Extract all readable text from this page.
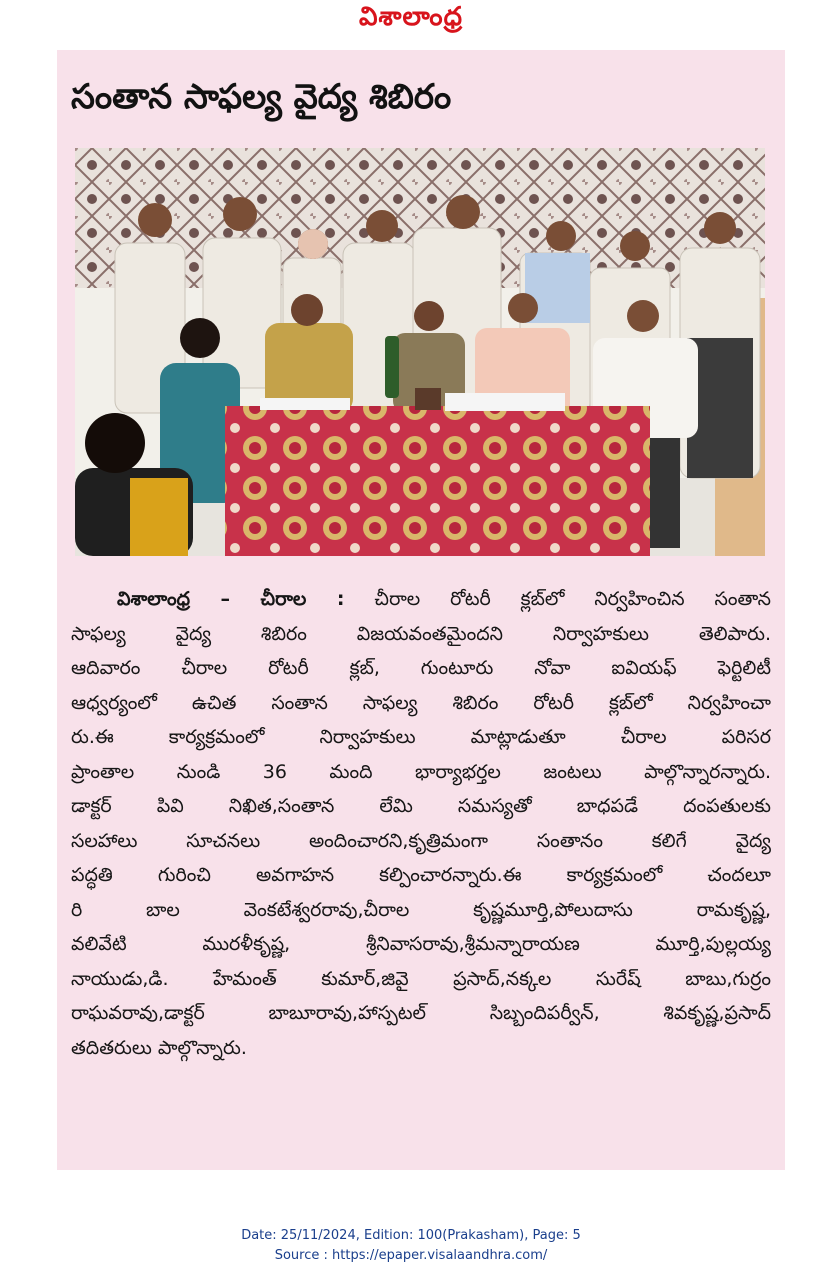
విశాలాంధ్ర
సంతాన సాఫల్య వైద్య శిబిరం
విశాలాంధ్ర – చీరాల : చీరాల రోటరీ క్లబ్‌లో నిర్వహించిన సంతాన
సాఫల్య వైద్య శిబిరం విజయవంతమైందని నిర్వాహకులు తెలిపారు.
ఆదివారం చీరాల రోటరీ క్లబ్, గుంటూరు నోవా ఐవియఫ్ ఫెర్టిలిటీ
ఆధ్వర్యంలో ఉచిత సంతాన సాఫల్య శిబిరం రోటరీ క్లబ్‌లో నిర్వహించా
రు.ఈ కార్యక్రమంలో నిర్వాహకులు మాట్లాడుతూ చీరాల పరిసర
ప్రాంతాల నుండి 36 మంది భార్యాభర్తల జంటలు పాల్గొన్నారన్నారు.
డాక్టర్ పివి నిఖిత,సంతాన లేమి సమస్యతో బాధపడే దంపతులకు
సలహాలు సూచనలు అందించారని,కృత్రిమంగా సంతానం కలిగే వైద్య
పద్ధతి గురించి అవగాహన కల్పించారన్నారు.ఈ కార్యక్రమంలో చందలూ
రి బాల వెంకటేశ్వరరావు,చీరాల కృష్ణమూర్తి,పోలుదాసు రామకృష్ణ,
వలివేటి మురళీకృష్ణ, శ్రీనివాసరావు,శ్రీమన్నారాయణ మూర్తి,పుల్లయ్య
నాయుడు,డి. హేమంత్ కుమార్,జివై ప్రసాద్,నక్కల సురేష్ బాబు,గుర్రం
రాఘవరావు,డాక్టర్ బాబూరావు,హాస్పటల్ సిబ్బందిపర్వీన్, శివకృష్ణ,ప్రసాద్
తదితరులు పాల్గొన్నారు.
Date: 25/11/2024, Edition: 100(Prakasham), Page: 5
Source : https://epaper.visalaandhra.com/
